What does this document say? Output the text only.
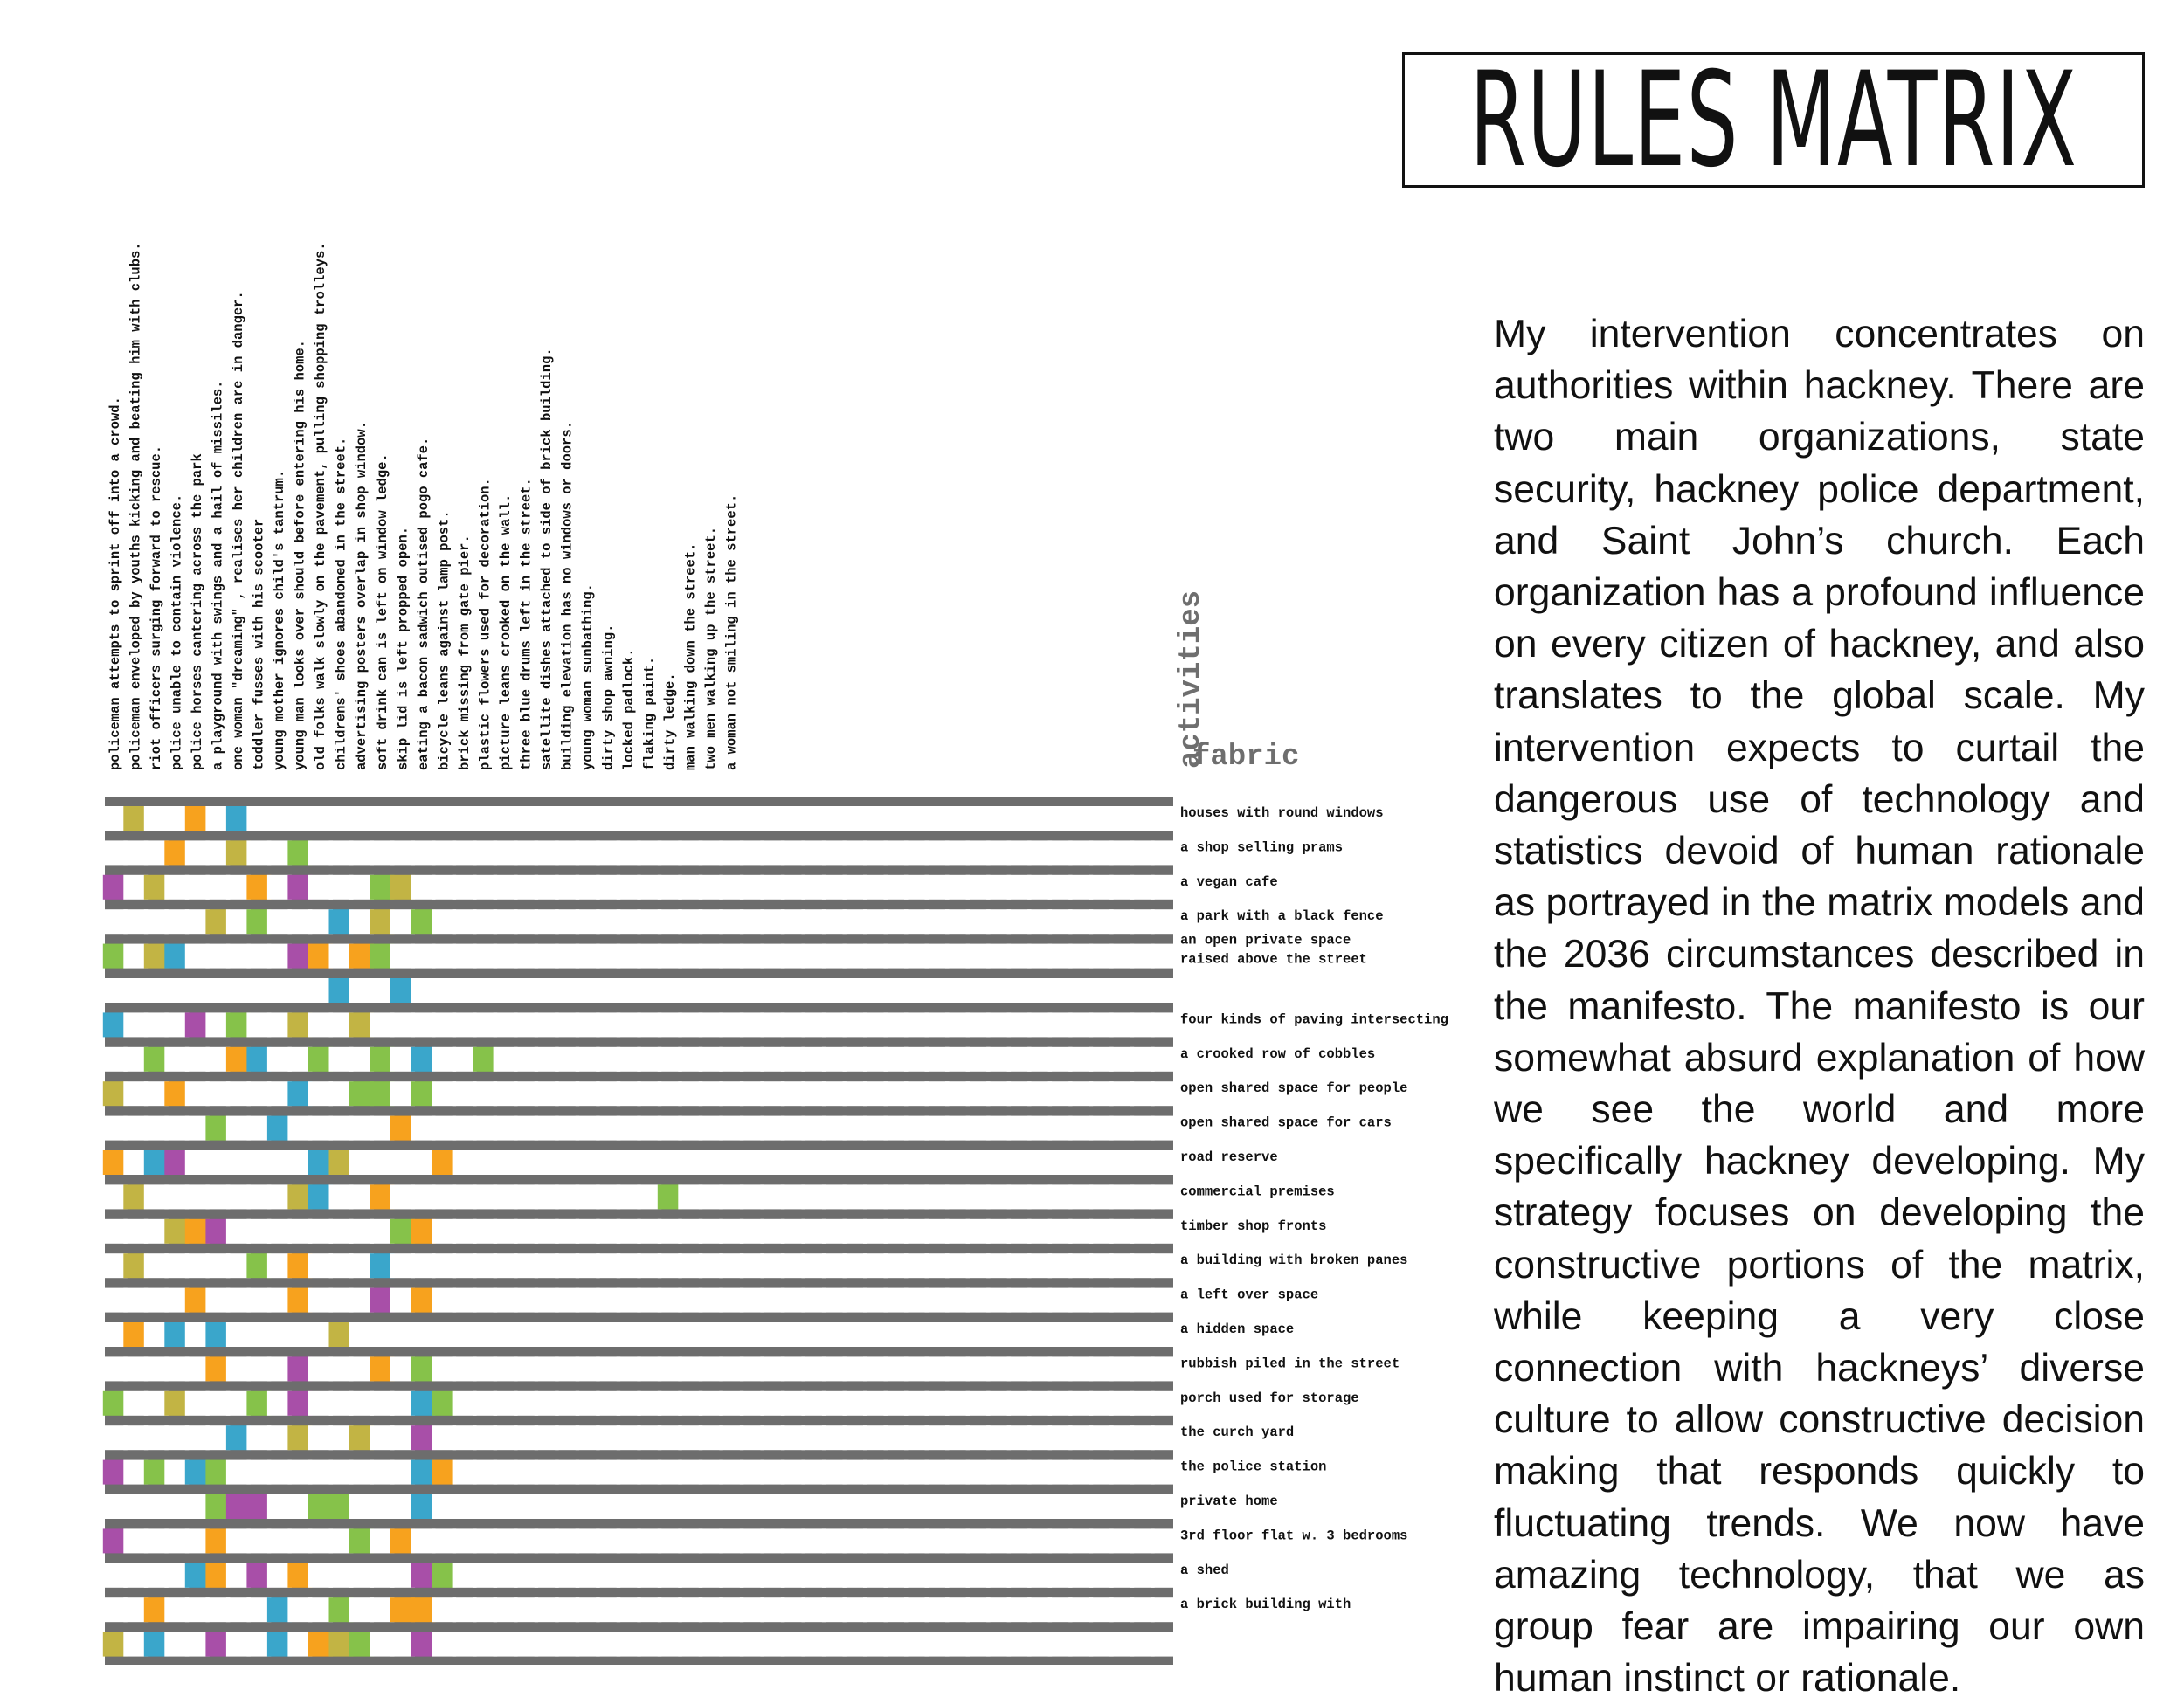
RULES MATRIX
My intervention concentrates on authorities within hackney. There are two main organizations, state security, hackney police department, and Saint John’s church. Each organization has a profound influence on every citizen of hackney, and also translates to the global scale. My intervention expects to curtail the dangerous use of technology and statistics devoid of human rationale as portrayed in the matrix models and the 2036 circumstances described in the manifesto. The manifesto is our somewhat absurd explanation of how we see the world and more specifically hackney developing. My strategy focuses on developing the constructive portions of the matrix, while keeping a very close connection with hackneys’ diverse culture to allow constructive decision making that responds quickly to fluctuating trends. We now have amazing technology, that we as group fear are impairing our own human instinct or rationale.
policeman attempts to sprint off into a crowd. policeman enveloped by youths kicking and beating him with clubs. riot officers surging forward to rescue. police unable to contain violence. police horses cantering across the park a playground with swings and a hail of missiles. one woman "dreaming" , realises her children are in danger. toddler fusses with his scooter young mother ignores child's tantrum. young man looks over should before entering his home. old folks walk slowly on the pavement, pulling shopping trolleys. childrens' shoes abandoned in the street. advertising posters overlap in shop window. soft drink can is left on window ledge. skip lid is left propped open. eating a bacon sadwich outised pogo cafe. bicycle leans against lamp post. brick missing from gate pier. plastic flowers used for decoration. picture leans crooked on the wall. three blue drums left in the street. satellite dishes attached to side of brick building. building elevation has no windows or doors. young woman sunbathing. dirty shop awning. locked padlock. flaking paint. dirty ledge. man walking down the street. two men walking up the street. a woman not smiling in the street.	activities
fabric
houses with round windows
a shop selling prams
a vegan cafe
a park with a black fence
an open private space
raised above the street
four kinds of paving intersecting
a crooked row of cobbles
open shared space for people
open shared space for cars
road reserve
commercial premises
timber shop fronts
a building with broken panes
a left over space
a hidden space
rubbish piled in the street
porch used for storage
the curch yard
the police station
private home
3rd floor flat w. 3 bedrooms
a shed
a brick building with
